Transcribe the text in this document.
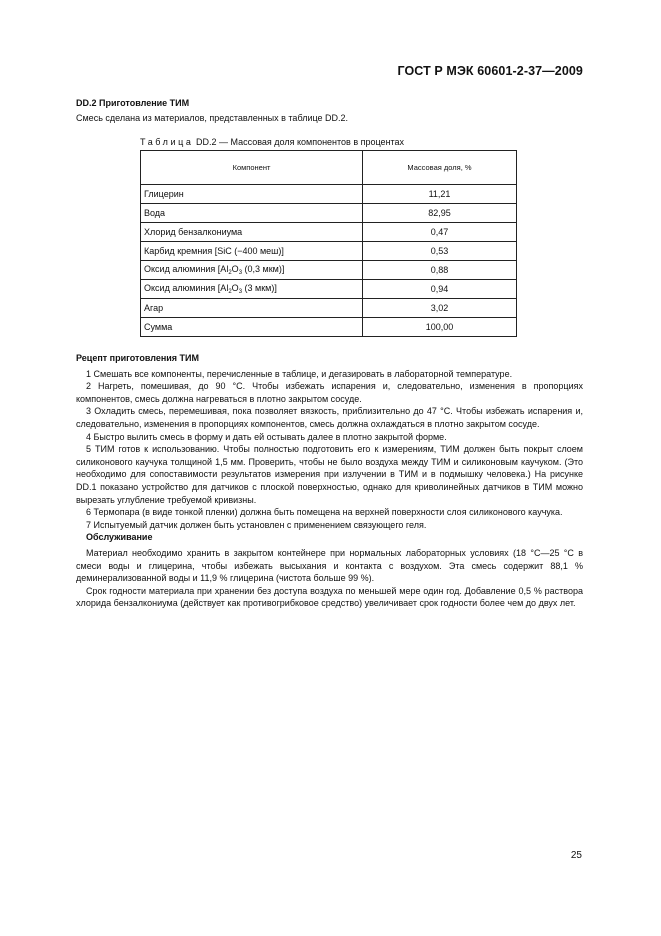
ГОСТ Р МЭК 60601-2-37—2009
DD.2 Приготовление ТИМ
Смесь сделана из материалов, представленных в таблице DD.2.
Таблица DD.2 — Массовая доля компонентов в процентах
Компонент	Массовая доля, %
Глицерин	11,21
Вода	82,95
Хлорид бензалкониума	0,47
Карбид кремния [SiC (−400 меш)]	0,53
Оксид алюминия [$Al_2O_3$ (0,3 мкм)]	0,88
Оксид алюминия [$Al_2O_3$ (3 мкм)]	0,94
Агар	3,02
Сумма	100,00

Рецепт приготовления ТИМ

1 Смешать все компоненты, перечисленные в таблице, и дегазировать в лабораторной температуре.

2 Нагреть, помешивая, до 90 °С. Чтобы избежать испарения и, следовательно, изменения в пропорциях компонентов, смесь должна нагреваться в плотно закрытом сосуде.

3 Охладить смесь, перемешивая, пока позволяет вязкость, приблизительно до 47 °С. Чтобы избежать испарения и, следовательно, изменения в пропорциях компонентов, смесь должна охлаждаться в плотно закрытом сосуде.

4 Быстро вылить смесь в форму и дать ей остывать далее в плотно закрытой форме.

5 ТИМ готов к использованию. Чтобы полностью подготовить его к измерениям, ТИМ должен быть покрыт слоем силиконового каучука толщиной 1,5 мм. Проверить, чтобы не было воздуха между ТИМ и силиконовым каучуком. (Это необходимо для сопоставимости результатов измерения при излучении в ТИМ и в подмышку человека.) На рисунке DD.1 показано устройство для датчиков с плоской поверхностью, однако для криволинейных датчиков в ТИМ можно вырезать углубление требуемой кривизны.

6 Термопара (в виде тонкой пленки) должна быть помещена на верхней поверхности слоя силиконового каучука.

7 Испытуемый датчик должен быть установлен с применением связующего геля.

Обслуживание

Материал необходимо хранить в закрытом контейнере при нормальных лабораторных условиях (18 °С—25 °С в смеси воды и глицерина, чтобы избежать высыхания и контакта с воздухом. Эта смесь содержит 88,1 % деминерализованной воды и 11,9 % глицерина (чистота больше 99 %).

Срок годности материала при хранении без доступа воздуха по меньшей мере один год. Добавление 0,5 % раствора хлорида бензалкониума (действует как противогрибковое средство) увеличивает срок годности более чем до двух лет.

25
